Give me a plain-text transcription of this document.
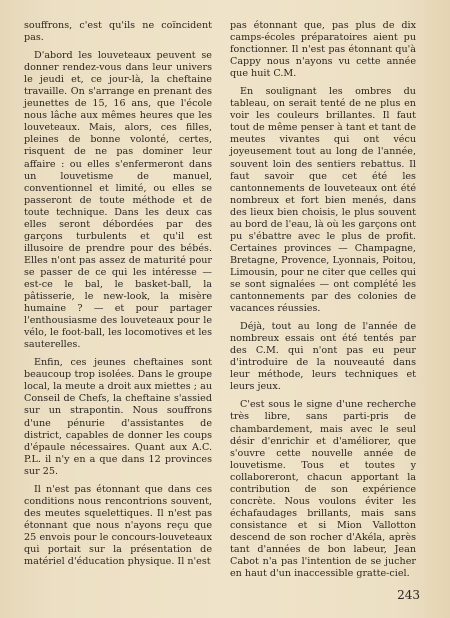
souffrons, c'est qu'ils ne coïncident pas.

D'abord les louveteaux peuvent se donner rendez-vous dans leur univers le jeudi et, ce jour-là, la cheftaine travaille. On s'arrange en prenant des jeunettes de 15, 16 ans, que l'école nous lâche aux mêmes heures que les louveteaux. Mais, alors, ces filles, pleines de bonne volonté, certes, risquent de ne pas dominer leur affaire : ou elles s'enfermeront dans un louvetisme de manuel, conventionnel et limité, ou elles se passeront de toute méthode et de toute technique. Dans les deux cas elles seront débordées par des garçons turbulents et qu'il est illusoire de prendre pour des bébés. Elles n'ont pas assez de maturité pour se passer de ce qui les intéresse — est-ce le bal, le basket-ball, la pâtisserie, le new-look, la misère humaine ? — et pour partager l'enthousiasme des louveteaux pour le vélo, le foot-ball, les locomotives et les sauterelles.

Enfin, ces jeunes cheftaines sont beaucoup trop isolées. Dans le groupe local, la meute a droit aux miettes ; au Conseil de Chefs, la cheftaine s'assied sur un strapontin. Nous souffrons d'une pénurie d'assistantes de district, capables de donner les coups d'épaule nécessaires. Quant aux A.C. P.L. il n'y en a que dans 12 provinces sur 25.

Il n'est pas étonnant que dans ces conditions nous rencontrions souvent, des meutes squelettiques. Il n'est pas étonnant que nous n'ayons reçu que 25 envois pour le concours-louveteaux qui portait sur la présentation de matériel d'éducation physique. Il n'est

pas étonnant que, pas plus de dix camps-écoles préparatoires aient pu fonctionner. Il n'est pas étonnant qu'à Cappy nous n'ayons vu cette année que huit C.M.

En soulignant les ombres du tableau, on serait tenté de ne plus en voir les couleurs brillantes. Il faut tout de même penser à tant et tant de meutes vivantes qui ont vécu joyeusement tout au long de l'année, souvent loin des sentiers rebattus. Il faut savoir que cet été les cantonnements de louveteaux ont été nombreux et fort bien menés, dans des lieux bien choisis, le plus souvent au bord de l'eau, là où les garçons ont pu s'ébattre avec le plus de profit. Certaines provinces — Champagne, Bretagne, Provence, Lyonnais, Poitou, Limousin, pour ne citer que celles qui se sont signalées — ont complété les cantonnements par des colonies de vacances réussies.

Déjà, tout au long de l'année de nombreux essais ont été tentés par des C.M. qui n'ont pas eu peur d'introduire de la nouveauté dans leur méthode, leurs techniques et leurs jeux.

C'est sous le signe d'une recherche très libre, sans parti-pris de chambardement, mais avec le seul désir d'enrichir et d'améliorer, que s'ouvre cette nouvelle année de louvetisme. Tous et toutes y collaboreront, chacun apportant la contribution de son expérience concrète. Nous voulons éviter les échafaudages brillants, mais sans consistance et si Mion Vallotton descend de son rocher d'Akéla, après tant d'années de bon labeur, Jean Cabot n'a pas l'intention de se jucher en haut d'un inaccessible gratte-ciel.

243
